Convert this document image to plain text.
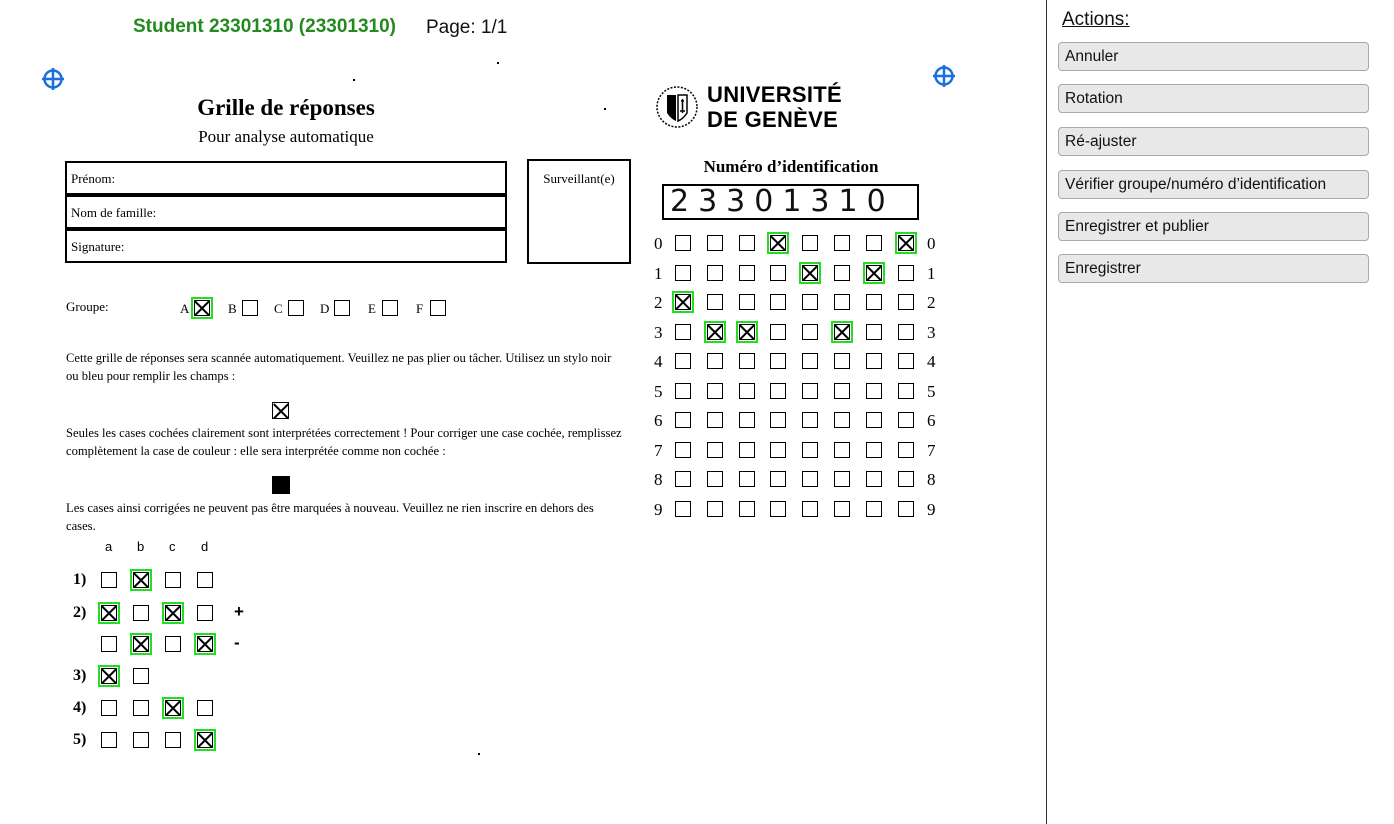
Student 23301310 (23301310) Page: 1/1
Grille de réponses
Pour analyse automatique
Prénom:
Nom de famille:
Signature:
Surveillant(e)
Groupe:	A	B	C	D	E	F
Cette grille de réponses sera scannée automatiquement. Veuillez ne pas plier ou tâcher. Utilisez un stylo noir ou bleu pour remplir les champs :
Seules les cases cochées clairement sont interprétées correctement ! Pour corriger une case cochée, remplissez complètement la case de couleur : elle sera interprétée comme non cochée :
Les cases ainsi corrigées ne peuvent pas être marquées à nouveau. Veuillez ne rien inscrire en dehors des cases.
a b c d
1)
2)	+
-
3)
4)
5)
UNIVERSITÉ
DE GENÈVE
Numéro d’identification
23301310
0	0
1	1
2	2
3	3
4	4
5	5
6	6
7	7
8	8
9	9
Actions:
Annuler
Rotation
Ré-ajuster
Vérifier groupe/numéro d’identification
Enregistrer et publier
Enregistrer
